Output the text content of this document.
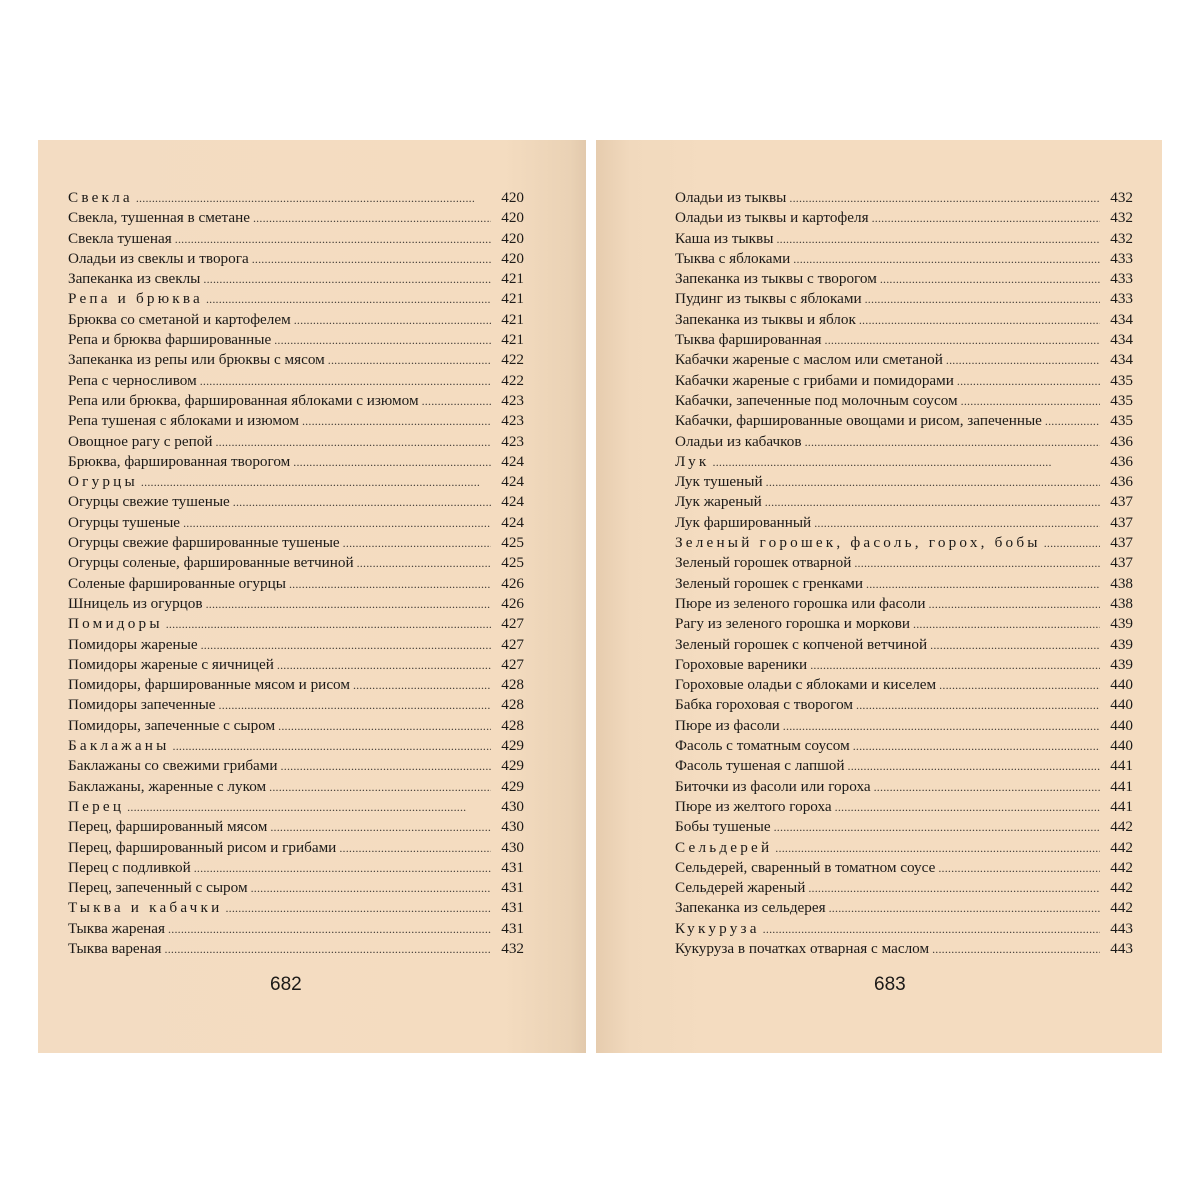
Свекла . . .	420
Свекла, тушенная в сметане . . .	420
Свекла тушеная . . .	420
Оладьи из свеклы и творога . . .	420
Запеканка из свеклы . . .	421
Репа и брюква . . .	421
Брюква со сметаной и картофелем . . .	421
Репа и брюква фаршированные . . .	421
Запеканка из репы или брюквы с мясом . . .	422
Репа с черносливом . . .	422
Репа или брюква, фаршированная яблоками с изюмом . . .	423
Репа тушеная с яблоками и изюмом . . .	423
Овощное рагу с репой . . .	423
Брюква, фаршированная творогом . . .	424
Огурцы . . .	424
Огурцы свежие тушеные . . .	424
Огурцы тушеные . . .	424
Огурцы свежие фаршированные тушеные . . .	425
Огурцы соленые, фаршированные ветчиной . . .	425
Соленые фаршированные огурцы . . .	426
Шницель из огурцов . . .	426
Помидоры . . .	427
Помидоры жареные . . .	427
Помидоры жареные с яичницей . . .	427
Помидоры, фаршированные мясом и рисом . . .	428
Помидоры запеченные . . .	428
Помидоры, запеченные с сыром . . .	428
Баклажаны . . .	429
Баклажаны со свежими грибами . . .	429
Баклажаны, жаренные с луком . . .	429
Перец . . .	430
Перец, фаршированный мясом . . .	430
Перец, фаршированный рисом и грибами . . .	430
Перец с подливкой . . .	431
Перец, запеченный с сыром . . .	431
Тыква и кабачки . . .	431
Тыква жареная . . .	431
Тыква вареная . . .	432
682
Оладьи из тыквы . . .	432
Оладьи из тыквы и картофеля . . .	432
Каша из тыквы . . .	432
Тыква с яблоками . . .	433
Запеканка из тыквы с творогом . . .	433
Пудинг из тыквы с яблоками . . .	433
Запеканка из тыквы и яблок . . .	434
Тыква фаршированная . . .	434
Кабачки жареные с маслом или сметаной . . .	434
Кабачки жареные с грибами и помидорами . . .	435
Кабачки, запеченные под молочным соусом . . .	435
Кабачки, фаршированные овощами и рисом, запеченные . . .	435
Оладьи из кабачков . . .	436
Лук . . .	436
Лук тушеный . . .	436
Лук жареный . . .	437
Лук фаршированный . . .	437
Зеленый горошек, фасоль, горох, бобы . . .	437
Зеленый горошек отварной . . .	437
Зеленый горошек с гренками . . .	438
Пюре из зеленого горошка или фасоли . . .	438
Рагу из зеленого горошка и моркови . . .	439
Зеленый горошек с копченой ветчиной . . .	439
Гороховые вареники . . .	439
Гороховые оладьи с яблоками и киселем . . .	440
Бабка гороховая с творогом . . .	440
Пюре из фасоли . . .	440
Фасоль с томатным соусом . . .	440
Фасоль тушеная с лапшой . . .	441
Биточки из фасоли или гороха . . .	441
Пюре из желтого гороха . . .	441
Бобы тушеные . . .	442
Сельдерей . . .	442
Сельдерей, сваренный в томатном соусе . . .	442
Сельдерей жареный . . .	442
Запеканка из сельдерея . . .	442
Кукуруза . . .	443
Кукуруза в початках отварная с маслом . . .	443
683
